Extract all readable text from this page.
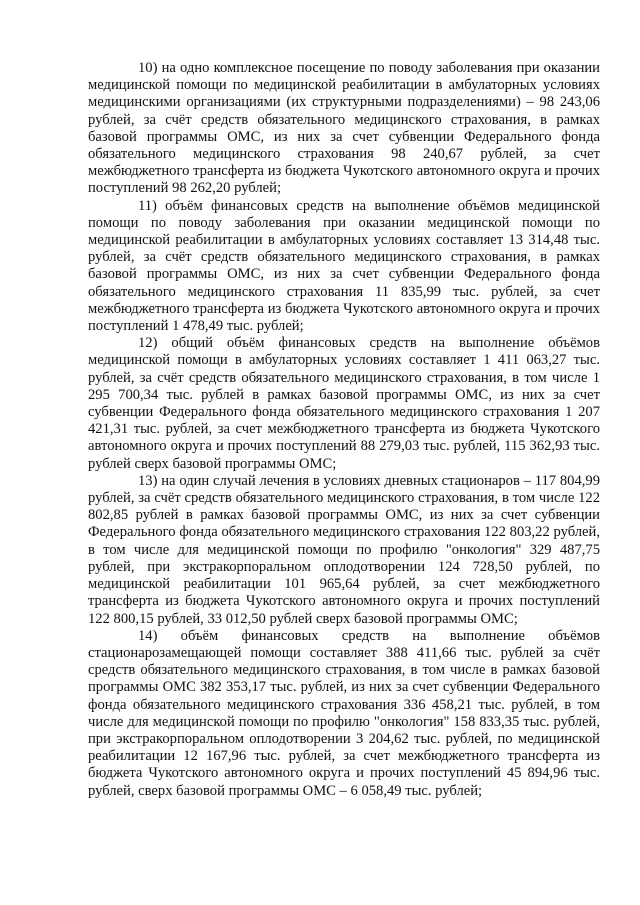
10) на одно комплексное посещение по поводу заболевания при оказании медицинской помощи по медицинской реабилитации в амбулаторных условиях медицинскими организациями (их структурными подразделениями) – 98 243,06 рублей, за счёт средств обязательного медицинского страхования, в рамках базовой программы ОМС, из них за счет субвенции Федерального фонда обязательного медицинского страхования 98 240,67 рублей, за счет межбюджетного трансферта из бюджета Чукотского автономного округа и прочих поступлений 98 262,20 рублей;

11) объём финансовых средств на выполнение объёмов медицинской помощи по поводу заболевания при оказании медицинской помощи по медицинской реабилитации в амбулаторных условиях составляет 13 314,48 тыс. рублей, за счёт средств обязательного медицинского страхования, в рамках базовой программы ОМС, из них за счет субвенции Федерального фонда обязательного медицинского страхования 11 835,99 тыс. рублей, за счет межбюджетного трансферта из бюджета Чукотского автономного округа и прочих поступлений 1 478,49 тыс. рублей;

12) общий объём финансовых средств на выполнение объёмов медицинской помощи в амбулаторных условиях составляет 1 411 063,27 тыс. рублей, за счёт средств обязательного медицинского страхования, в том числе 1 295 700,34 тыс. рублей в рамках базовой программы ОМС, из них за счет субвенции Федерального фонда обязательного медицинского страхования 1 207 421,31 тыс. рублей, за счет межбюджетного трансферта из бюджета Чукотского автономного округа и прочих поступлений 88 279,03 тыс. рублей, 115 362,93 тыс. рублей сверх базовой программы ОМС;

13) на один случай лечения в условиях дневных стационаров – 117 804,99 рублей, за счёт средств обязательного медицинского страхования, в том числе 122 802,85 рублей в рамках базовой программы ОМС, из них за счет субвенции Федерального фонда обязательного медицинского страхования 122 803,22 рублей, в том числе для медицинской помощи по профилю "онкология" 329 487,75 рублей, при экстракорпоральном оплодотворении 124 728,50 рублей, по медицинской реабилитации 101 965,64 рублей, за счет межбюджетного трансферта из бюджета Чукотского автономного округа и прочих поступлений 122 800,15 рублей, 33 012,50 рублей сверх базовой программы ОМС;

14) объём финансовых средств на выполнение объёмов стационарозамещающей помощи составляет 388 411,66 тыс. рублей за счёт средств обязательного медицинского страхования, в том числе в рамках базовой программы ОМС 382 353,17 тыс. рублей, из них за счет субвенции Федерального фонда обязательного медицинского страхования 336 458,21 тыс. рублей, в том числе для медицинской помощи по профилю "онкология" 158 833,35 тыс. рублей, при экстракорпоральном оплодотворении 3 204,62 тыс. рублей, по медицинской реабилитации 12 167,96 тыс. рублей, за счет межбюджетного трансферта из бюджета Чукотского автономного округа и прочих поступлений 45 894,96 тыс. рублей, сверх базовой программы ОМС – 6 058,49 тыс. рублей;
